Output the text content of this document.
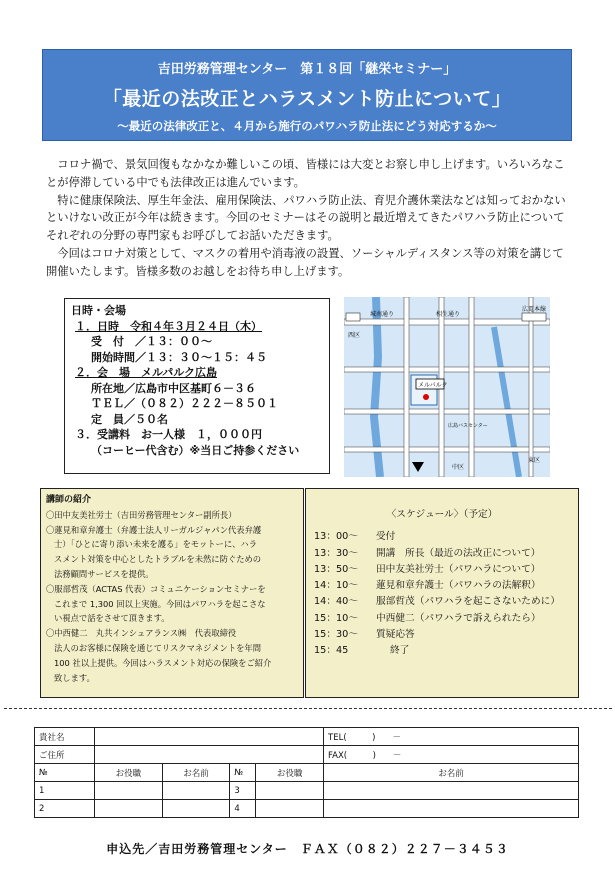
吉田労務管理センター　第１８回「継栄セミナー」
「最近の法改正とハラスメント防止について」
～最近の法律改正と、４月から施行のパワハラ防止法にどう対応するか～

コロナ禍で、景気回復もなかなか難しいこの頃、皆様には大変とお察し申し上げます。いろいろなことが停滞している中でも法律改正は進んでいます。

特に健康保険法、厚生年金法、雇用保険法、パワハラ防止法、育児介護休業法などは知っておかないといけない改正が今年は続きます。今回のセミナーはその説明と最近増えてきたパワハラ防止についてそれぞれの分野の専門家もお呼びしてお話いただきます。

今回はコロナ対策として、マスクの着用や消毒液の設置、ソーシャルディスタンス等の対策を講じて開催いたします。皆様多数のお越しをお待ち申し上げます。

日時・会場
１．日時　令和４年３月２４日（木）
受　付　／１３：００～
開始時間／１３：３０～１５：４５
２．会　場　メルパルク広島
所在地／広島市中区基町６－３６
ＴＥＬ／（０８２）２２２－８５０１
定　員／５０名
３．受講料　お一人様　１，０００円
（コーヒー代含む）※当日ご持参ください
城南通り	相生通り
広電本線
西区
東区
中区
メルパルク
広島バスセンター
講師の紹介
〇田中友美社労士（吉田労務管理センター副所長）
〇蓮見和章弁護士（弁護士法人リーガルジャパン代表弁護
士）「ひとに寄り添い未来を護る」をモットーに、ハラ
スメント対策を中心としたトラブルを未然に防ぐための
法務顧問サービスを提供。
〇服部哲茂（ACTAS 代表）コミュニケーションセミナーを
これまで 1,300 回以上実施。今回はパワハラを起こさな
い視点で話をさせて頂きます。
〇中西健二　丸共インシュアランス㈱　代表取締役
法人のお客様に保険を通じてリスクマネジメントを年間
100 社以上提供。今回はハラスメント対応の保険をご紹介
致します。
〈スケジュール〉（予定）
13：00～	受付
13：30～	開講　所長（最近の法改正について）
13：50～	田中友美社労士（パワハラについて）
14：10～	蓮見和章弁護士（パワハラの法解釈）
14：40～	服部哲茂（パワハラを起こさないために）
15：10～	中西健二（パワハラで訴えられたら）
15：30～	質疑応答
15：45	終了
貴社名					TEL(　　　)　　－
ご住所					FAX(　　　)　　－
№	お役職	お名前	№	お役職	お名前
1			3		
2			4		
申込先／吉田労務管理センター　ＦＡＸ（０８２）２２７－３４５３
